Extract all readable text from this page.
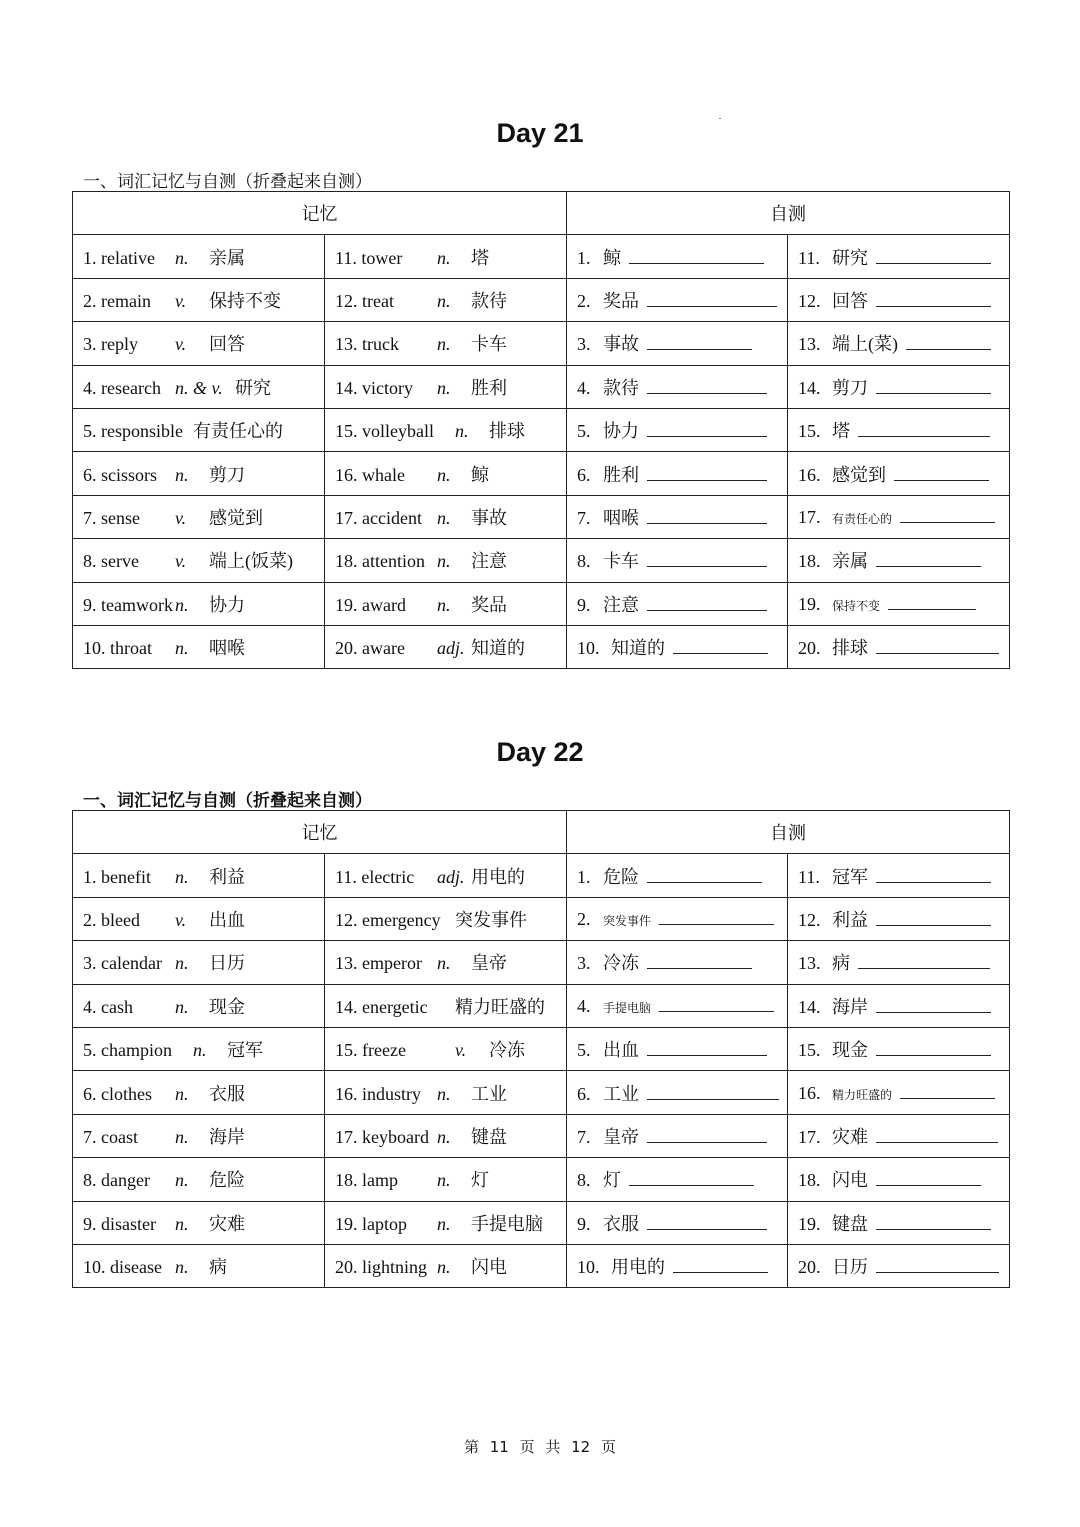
Day 21
一、词汇记忆与自测（折叠起来自测）
记忆		自测	
1. relative n. 亲属	11. tower n. 塔	1. 鲸	11. 研究
2. remain v. 保持不变	12. treat n. 款待	2. 奖品	12. 回答
3. reply v. 回答	13. truck n. 卡车	3. 事故	13. 端上(菜)
4. research n. & v. 研究	14. victory n. 胜利	4. 款待	14. 剪刀
5. responsible 有责任心的	15. volleyball n. 排球	5. 协力	15. 塔
6. scissors n. 剪刀	16. whale n. 鲸	6. 胜利	16. 感觉到
7. sense v. 感觉到	17. accident n. 事故	7. 咽喉	17. 有责任心的
8. serve v. 端上(饭菜)	18. attention n. 注意	8. 卡车	18. 亲属
9. teamwork n. 协力	19. award n. 奖品	9. 注意	19. 保持不变
10. throat n. 咽喉	20. aware adj. 知道的	10. 知道的	20. 排球
Day 22
一、词汇记忆与自测（折叠起来自测）
记忆		自测	
1. benefit n. 利益	11. electric adj. 用电的	1. 危险	11. 冠军
2. bleed v. 出血	12. emergency 突发事件	2. 突发事件	12. 利益
3. calendar n. 日历	13. emperor n. 皇帝	3. 冷冻	13. 病
4. cash n. 现金	14. energetic 精力旺盛的	4. 手提电脑	14. 海岸
5. champion n. 冠军	15. freeze v. 冷冻	5. 出血	15. 现金
6. clothes n. 衣服	16. industry n. 工业	6. 工业	16. 精力旺盛的
7. coast n. 海岸	17. keyboard n. 键盘	7. 皇帝	17. 灾难
8. danger n. 危险	18. lamp n. 灯	8. 灯	18. 闪电
9. disaster n. 灾难	19. laptop n. 手提电脑	9. 衣服	19. 键盘
10. disease n. 病	20. lightning n. 闪电	10. 用电的	20. 日历
第 11 页 共 12 页
